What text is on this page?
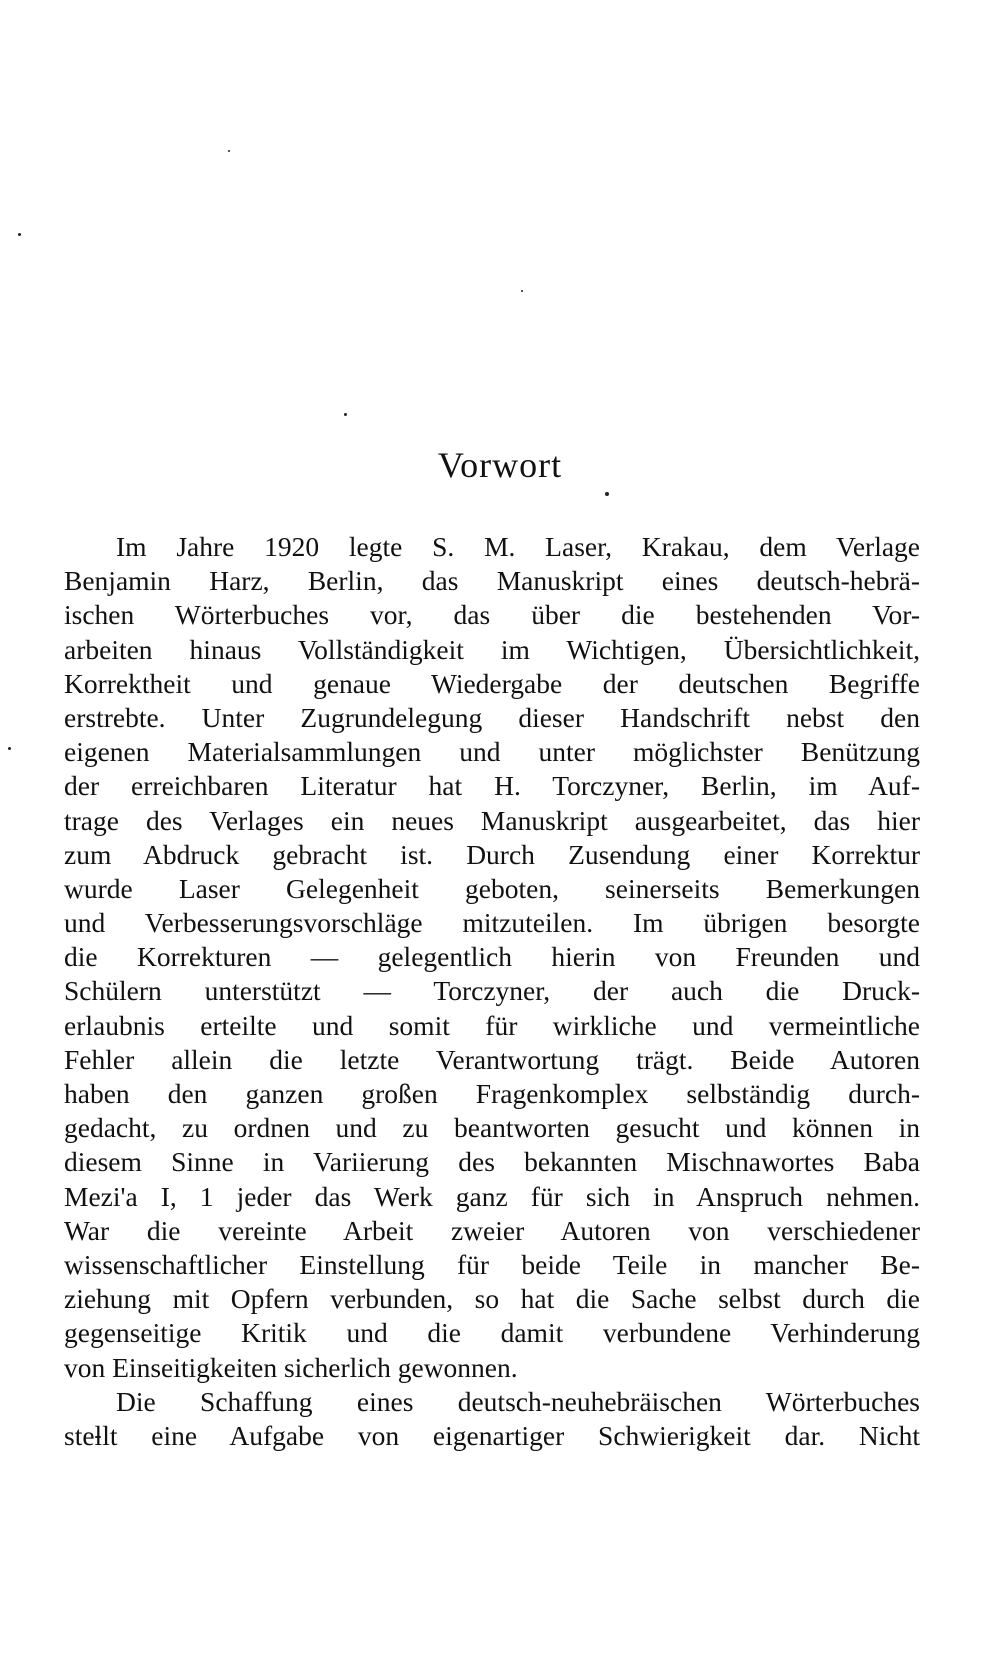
Vorwort
Im Jahre 1920 legte S. M. Laser, Krakau, dem Verlage
Benjamin Harz, Berlin, das Manuskript eines deutsch-hebrä-
ischen Wörterbuches vor, das über die bestehenden Vor-
arbeiten hinaus Vollständigkeit im Wichtigen, Übersichtlichkeit,
Korrektheit und genaue Wiedergabe der deutschen Begriffe
erstrebte. Unter Zugrundelegung dieser Handschrift nebst den
eigenen Materialsammlungen und unter möglichster Benützung
der erreichbaren Literatur hat H. Torczyner, Berlin, im Auf-
trage des Verlages ein neues Manuskript ausgearbeitet, das hier
zum Abdruck gebracht ist. Durch Zusendung einer Korrektur
wurde Laser Gelegenheit geboten, seinerseits Bemerkungen
und Verbesserungsvorschläge mitzuteilen. Im übrigen besorgte
die Korrekturen — gelegentlich hierin von Freunden und
Schülern unterstützt — Torczyner, der auch die Druck-
erlaubnis erteilte und somit für wirkliche und vermeintliche
Fehler allein die letzte Verantwortung trägt. Beide Autoren
haben den ganzen großen Fragenkomplex selbständig durch-
gedacht, zu ordnen und zu beantworten gesucht und können in
diesem Sinne in Variierung des bekannten Mischnawortes Baba
Mezi'a I, 1 jeder das Werk ganz für sich in Anspruch nehmen.
War die vereinte Arbeit zweier Autoren von verschiedener
wissenschaftlicher Einstellung für beide Teile in mancher Be-
ziehung mit Opfern verbunden, so hat die Sache selbst durch die
gegenseitige Kritik und die damit verbundene Verhinderung
von Einseitigkeiten sicherlich gewonnen.
Die Schaffung eines deutsch-neuhebräischen Wörterbuches
stellt eine Aufgabe von eigenartiger Schwierigkeit dar. Nicht
